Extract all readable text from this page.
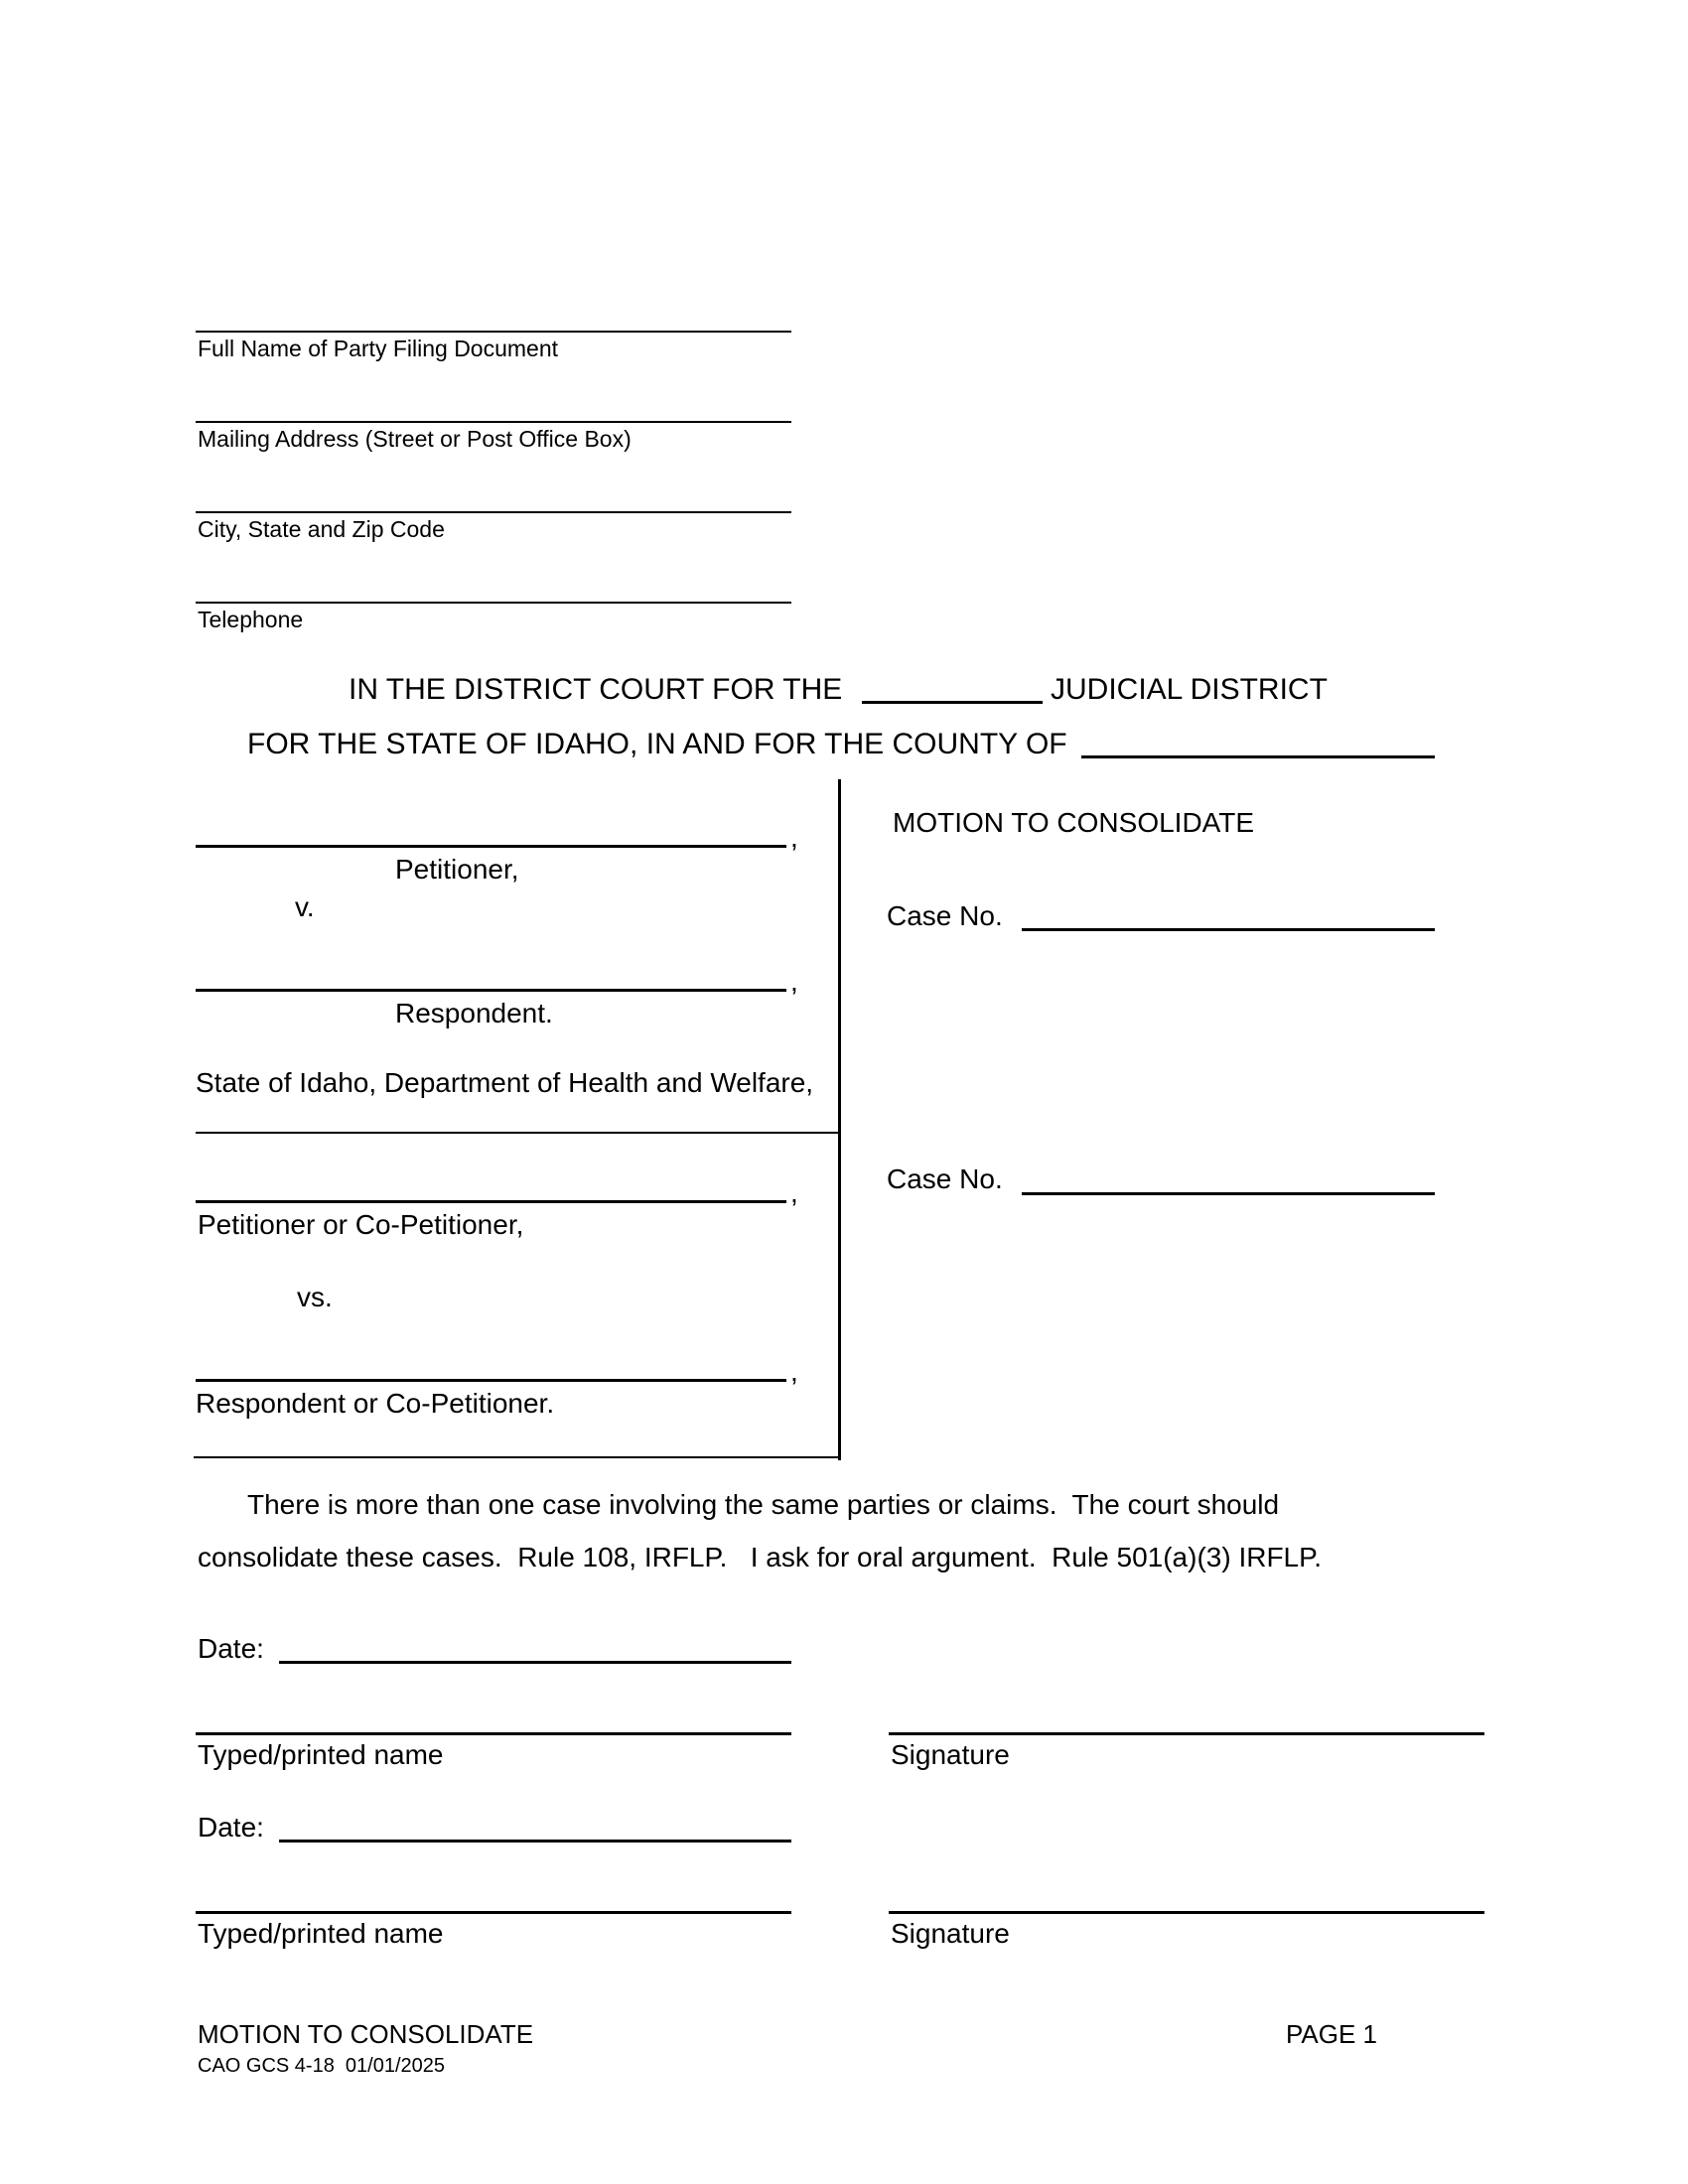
Full Name of Party Filing Document
Mailing Address (Street or Post Office Box)
City, State and Zip Code
Telephone
IN THE DISTRICT COURT FOR THE	JUDICIAL DISTRICT
FOR THE STATE OF IDAHO, IN AND FOR THE COUNTY OF
,
Petitioner,
v.
,
Respondent.
State of Idaho, Department of Health and Welfare,
,
Petitioner or Co-Petitioner,
vs.
,
Respondent or Co-Petitioner.
MOTION TO CONSOLIDATE
Case No.
Case No.
There is more than one case involving the same parties or claims.  The court should
consolidate these cases.  Rule 108, IRFLP.   I ask for oral argument.  Rule 501(a)(3) IRFLP.
Date:
Typed/printed name	Signature
Date:
Typed/printed name	Signature
MOTION TO CONSOLIDATE
CAO GCS 4-18  01/01/2025
PAGE 1
